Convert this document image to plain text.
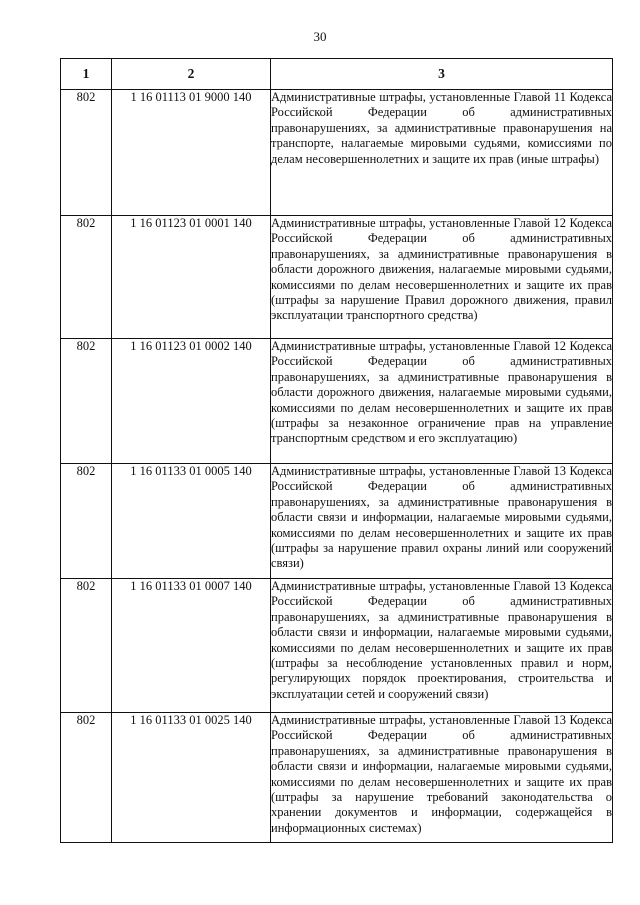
30
1	2	3
802	1 16 01113 01 9000 140	Административные штрафы, установленные Главой 11 Кодекса Российской Федерации об административных правонарушениях, за административные правонарушения на транспорте, налагаемые мировыми судьями, комиссиями по делам несовершеннолетних и защите их прав (иные штрафы)
802	1 16 01123 01 0001 140	Административные штрафы, установленные Главой 12 Кодекса Российской Федерации об административных правонарушениях, за административные правонарушения в области дорожного движения, налагаемые мировыми судьями, комиссиями по делам несовершеннолетних и защите их прав (штрафы за нарушение Правил дорожного движения, правил эксплуатации транспортного средства)
802	1 16 01123 01 0002 140	Административные штрафы, установленные Главой 12 Кодекса Российской Федерации об административных правонарушениях, за административные правонарушения в области дорожного движения, налагаемые мировыми судьями, комиссиями по делам несовершеннолетних и защите их прав (штрафы за незаконное ограничение прав на управление транспортным средством и его эксплуатацию)
802	1 16 01133 01 0005 140	Административные штрафы, установленные Главой 13 Кодекса Российской Федерации об административных правонарушениях, за административные правонарушения в области связи и информации, налагаемые мировыми судьями, комиссиями по делам несовершеннолетних и защите их прав (штрафы за нарушение правил охраны линий или сооружений связи)
802	1 16 01133 01 0007 140	Административные штрафы, установленные Главой 13 Кодекса Российской Федерации об административных правонарушениях, за административные правонарушения в области связи и информации, налагаемые мировыми судьями, комиссиями по делам несовершеннолетних и защите их прав (штрафы за несоблюдение установленных правил и норм, регулирующих порядок проектирования, строительства и эксплуатации сетей и сооружений связи)
802	1 16 01133 01 0025 140	Административные штрафы, установленные Главой 13 Кодекса Российской Федерации об административных правонарушениях, за административные правонарушения в области связи и информации, налагаемые мировыми судьями, комиссиями по делам несовершеннолетних и защите их прав (штрафы за нарушение требований законодательства о хранении документов и информации, содержащейся в информационных системах)
